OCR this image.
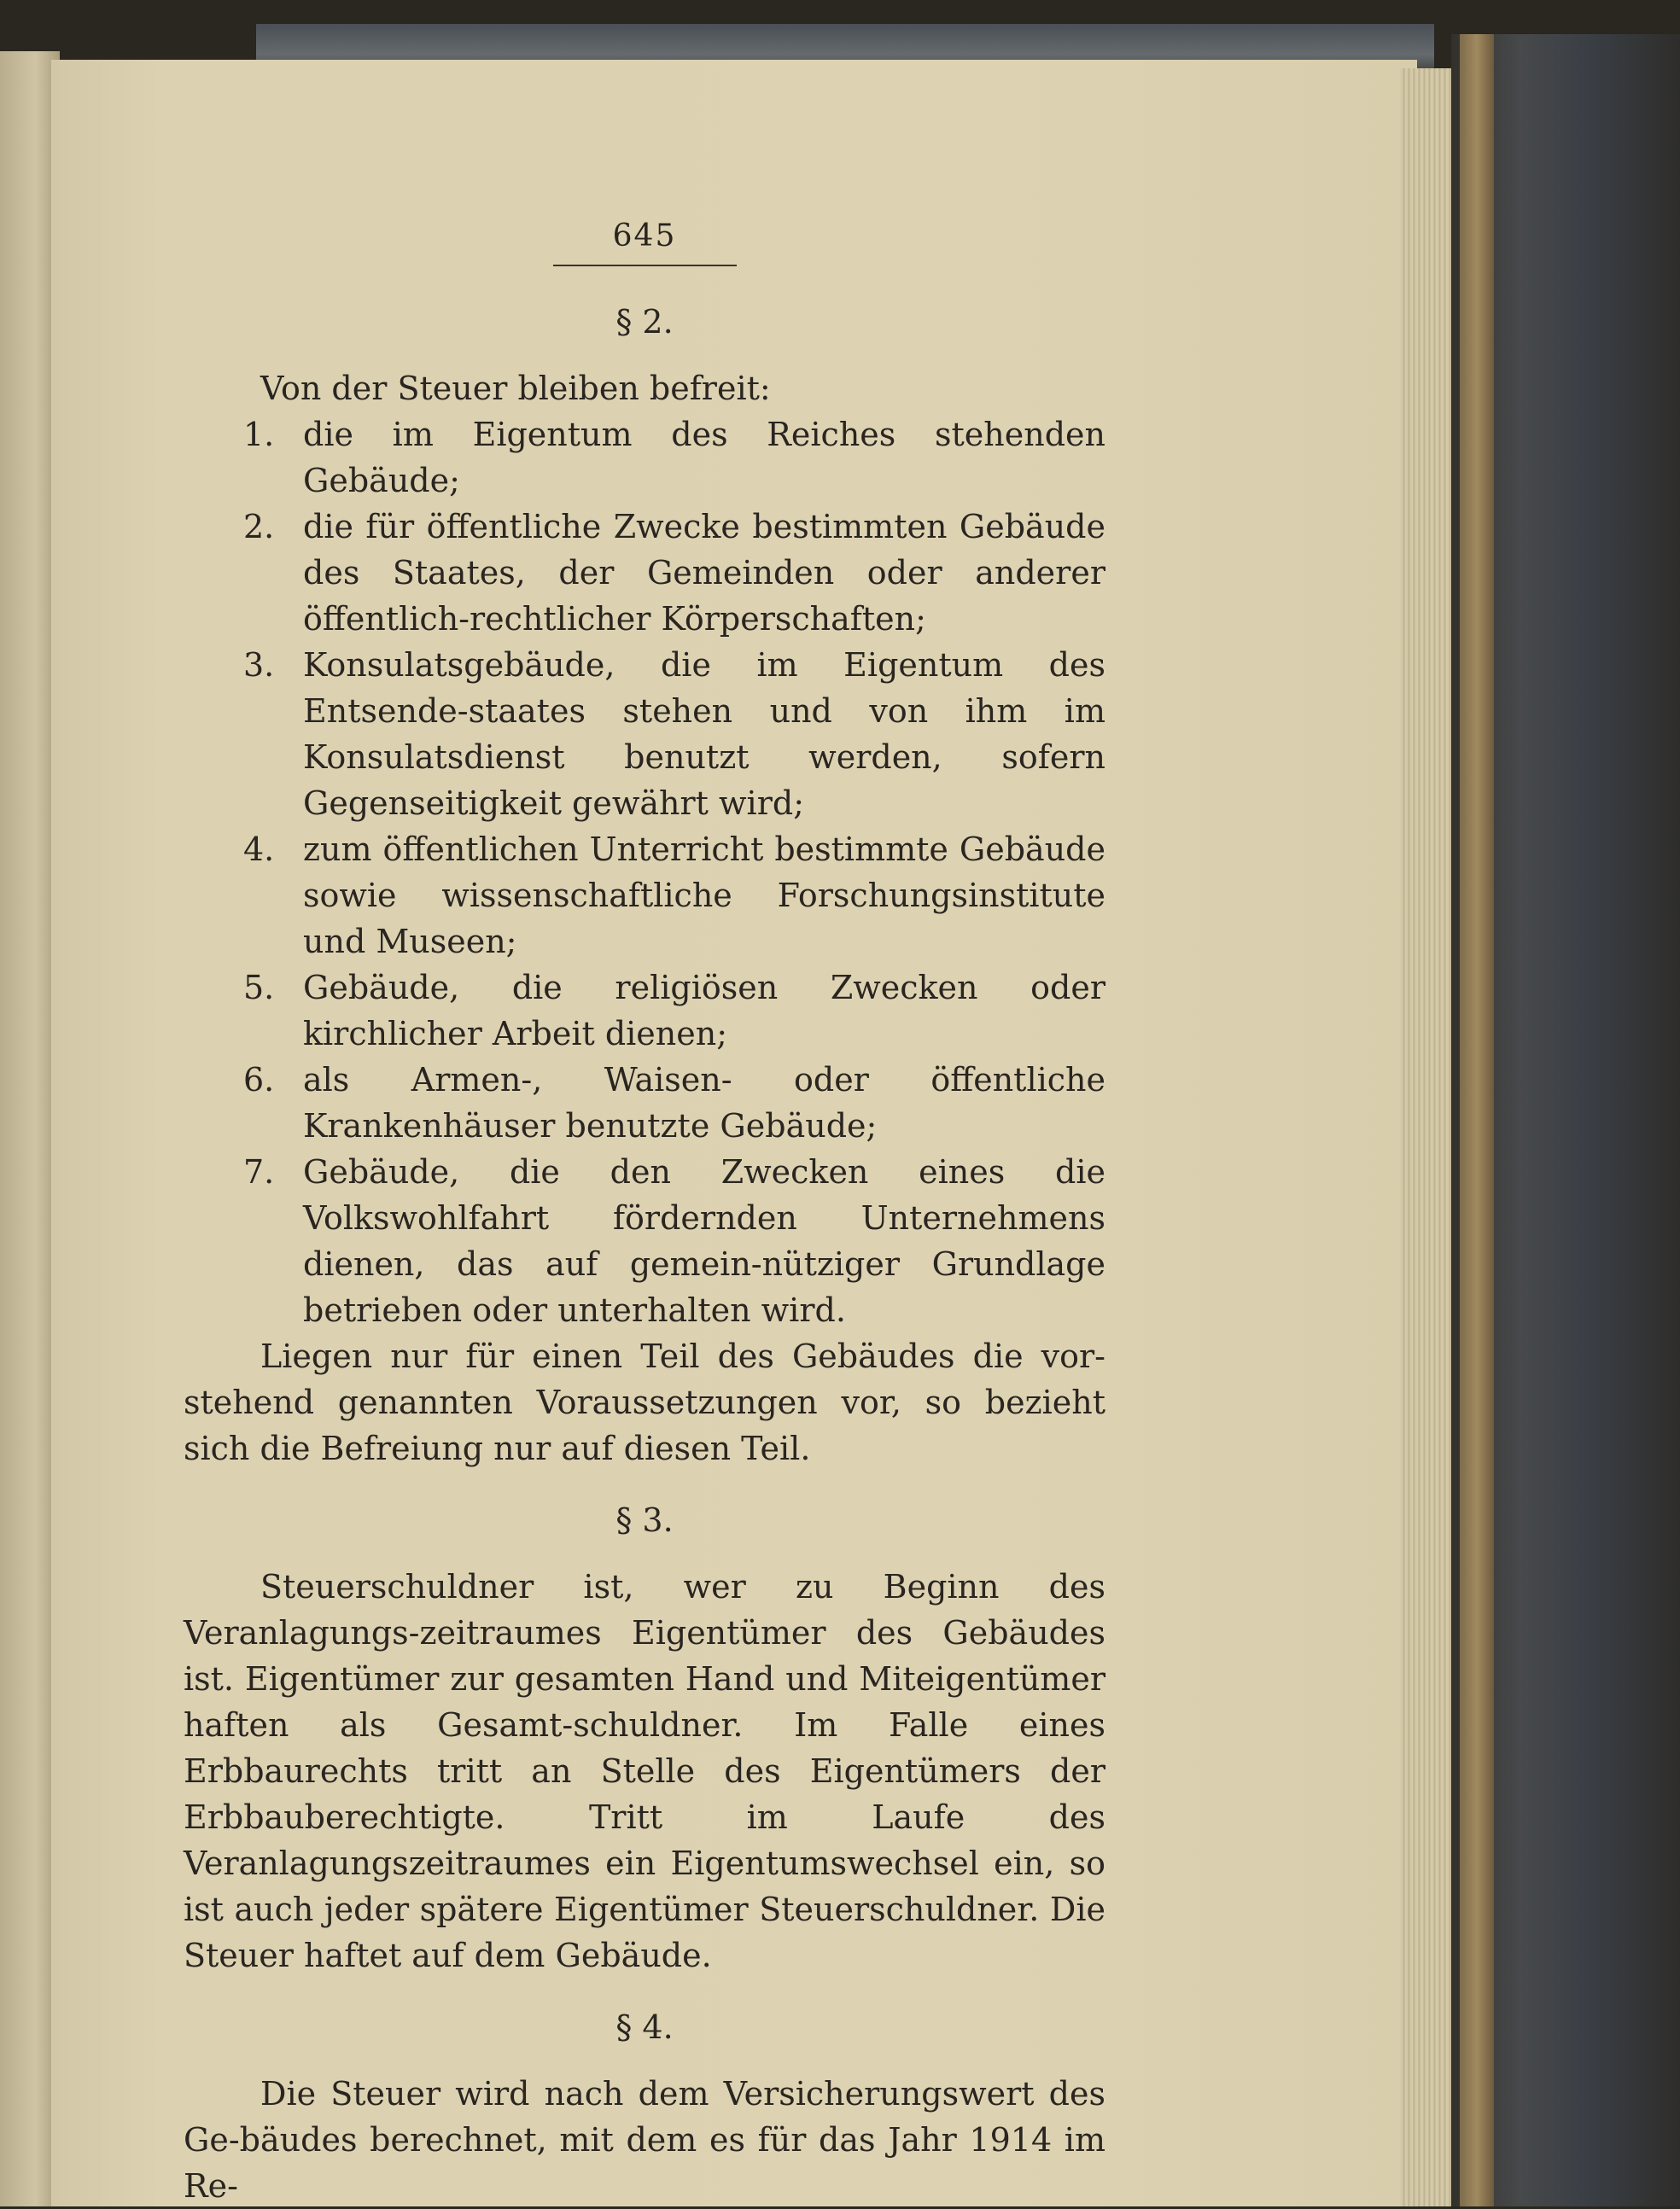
645
§ 2.

Von der Steuer bleiben befreit:

1. die im Eigentum des Reiches stehenden Gebäude;
2. die für öffentliche Zwecke bestimmten Gebäude des Staates, der Gemeinden oder anderer öffentlich-rechtlicher Körperschaften;
3. Konsulatsgebäude, die im Eigentum des Entsende-staates stehen und von ihm im Konsulatsdienst benutzt werden, sofern Gegenseitigkeit gewährt wird;
4. zum öffentlichen Unterricht bestimmte Gebäude sowie wissenschaftliche Forschungsinstitute und Museen;
5. Gebäude, die religiösen Zwecken oder kirchlicher Arbeit dienen;
6. als Armen-, Waisen- oder öffentliche Krankenhäuser benutzte Gebäude;
7. Gebäude, die den Zwecken eines die Volkswohlfahrt fördernden Unternehmens dienen, das auf gemein-nütziger Grundlage betrieben oder unterhalten wird.

Liegen nur für einen Teil des Gebäudes die vor-stehend genannten Voraussetzungen vor, so bezieht sich die Befreiung nur auf diesen Teil.

§ 3.

Steuerschuldner ist, wer zu Beginn des Veranlagungs-zeitraumes Eigentümer des Gebäudes ist. Eigentümer zur gesamten Hand und Miteigentümer haften als Gesamt-schuldner. Im Falle eines Erbbaurechts tritt an Stelle des Eigentümers der Erbbauberechtigte. Tritt im Laufe des Veranlagungszeitraumes ein Eigentumswechsel ein, so ist auch jeder spätere Eigentümer Steuerschuldner. Die Steuer haftet auf dem Gebäude.

§ 4.

Die Steuer wird nach dem Versicherungswert des Ge-bäudes berechnet, mit dem es für das Jahr 1914 im Re-
